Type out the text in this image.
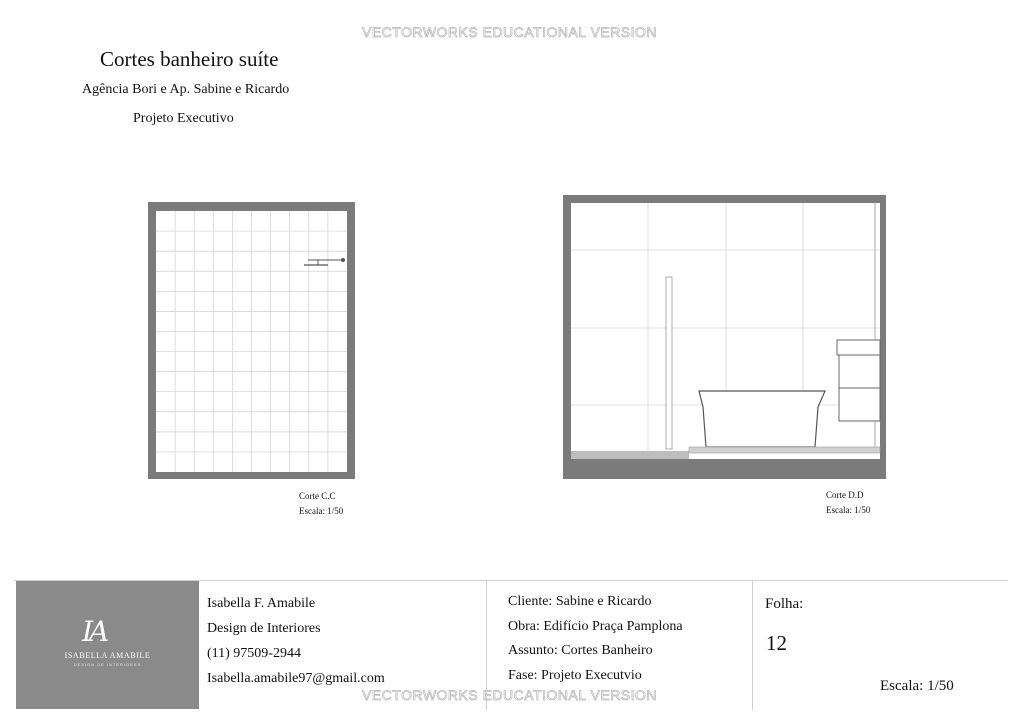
VECTORWORKS EDUCATIONAL VERSION
Cortes banheiro suíte
Agência Bori e Ap. Sabine e Ricardo
Projeto Executivo
Corte C.C
Escala: 1/50
Corte D.D
Escala: 1/50
IA
ISABELLA AMABILE
DESIGN DE INTERIORES
Isabella F. Amabile
Design de Interiores
(11) 97509-2944
Isabella.amabile97@gmail.com
Cliente: Sabine e Ricardo
Obra: Edifício Praça Pamplona
Assunto: Cortes Banheiro
Fase: Projeto Executvio
Folha:
12
Escala: 1/50
VECTORWORKS EDUCATIONAL VERSION
